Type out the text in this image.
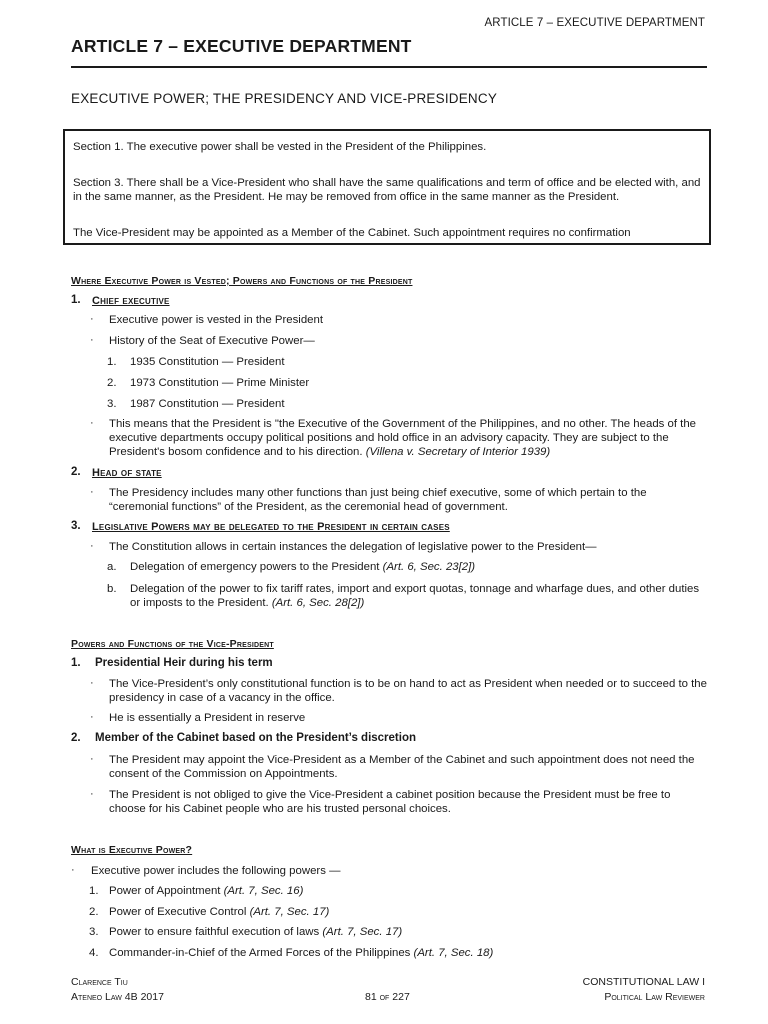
ARTICLE 7 – EXECUTIVE DEPARTMENT
ARTICLE 7 – EXECUTIVE DEPARTMENT
EXECUTIVE POWER; THE PRESIDENCY AND VICE-PRESIDENCY

Section 1. The executive power shall be vested in the President of the Philippines.

Section 3. There shall be a Vice-President who shall have the same qualifications and term of office and be elected with, and in the same manner, as the President. He may be removed from office in the same manner as the President.

The Vice-President may be appointed as a Member of the Cabinet. Such appointment requires no confirmation

Where Executive Power is Vested; Powers and Functions of the President
1. Chief executive
· Executive power is vested in the President
· History of the Seat of Executive Power—
1. 1935 Constitution — President
2. 1973 Constitution — Prime Minister
3. 1987 Constitution — President
· This means that the President is "the Executive of the Government of the Philippines, and no other. The heads of the executive departments occupy political positions and hold office in an advisory capacity. They are subject to the President's bosom confidence and to his direction. (Villena v. Secretary of Interior 1939)
2. Head of state
· The Presidency includes many other functions than just being chief executive, some of which pertain to the “ceremonial functions” of the President, as the ceremonial head of government.
3. Legislative Powers may be delegated to the President in certain cases
· The Constitution allows in certain instances the delegation of legislative power to the President—
a. Delegation of emergency powers to the President (Art. 6, Sec. 23[2])
b. Delegation of the power to fix tariff rates, import and export quotas, tonnage and wharfage dues, and other duties or imposts to the President. (Art. 6, Sec. 28[2])
Powers and Functions of the Vice-President
1. Presidential Heir during his term
· The Vice-President’s only constitutional function is to be on hand to act as President when needed or to succeed to the presidency in case of a vacancy in the office.
· He is essentially a President in reserve
2. Member of the Cabinet based on the President’s discretion
· The President may appoint the Vice-President as a Member of the Cabinet and such appointment does not need the consent of the Commission on Appointments.
· The President is not obliged to give the Vice-President a cabinet position because the President must be free to choose for his Cabinet people who are his trusted personal choices.
What is Executive Power?
· Executive power includes the following powers —
1. Power of Appointment (Art. 7, Sec. 16)
2. Power of Executive Control (Art. 7, Sec. 17)
3. Power to ensure faithful execution of laws (Art. 7, Sec. 17)
4. Commander-in-Chief of the Armed Forces of the Philippines (Art. 7, Sec. 18)
Clarence Tiu
Ateneo Law 4B 2017	81 of 227
CONSTITUTIONAL LAW I
Political Law Reviewer
